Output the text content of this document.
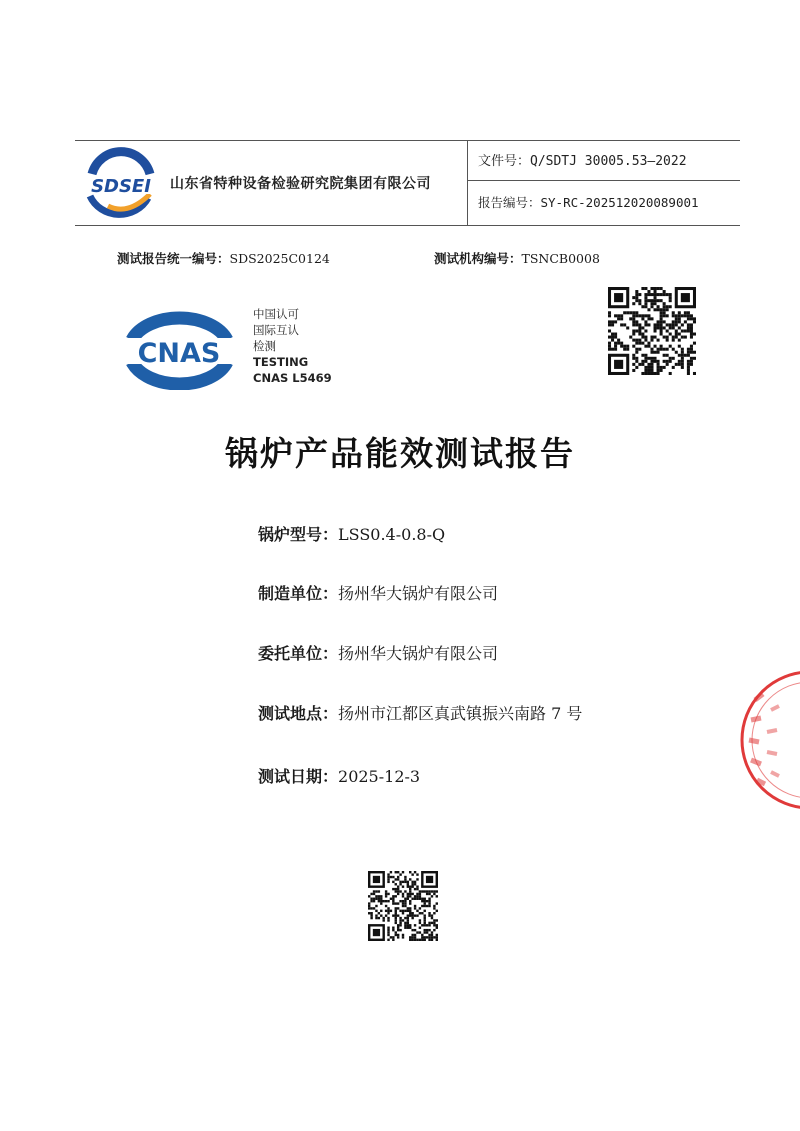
SDSEI 山东省特种设备检验研究院集团有限公司
文件号：Q/SDTJ 30005.53—2022
报告编号：SY-RC-202512020089001
测试报告统一编号：SDS2025C0124	测试机构编号：TSNCB0008
CNAS
中国认可
国际互认
检测
TESTING
CNAS L5469
锅炉产品能效测试报告
锅炉型号：LSS0.4-0.8-Q
制造单位：扬州华大锅炉有限公司
委托单位：扬州华大锅炉有限公司
测试地点：扬州市江都区真武镇振兴南路 7 号
测试日期：2025-12-3
